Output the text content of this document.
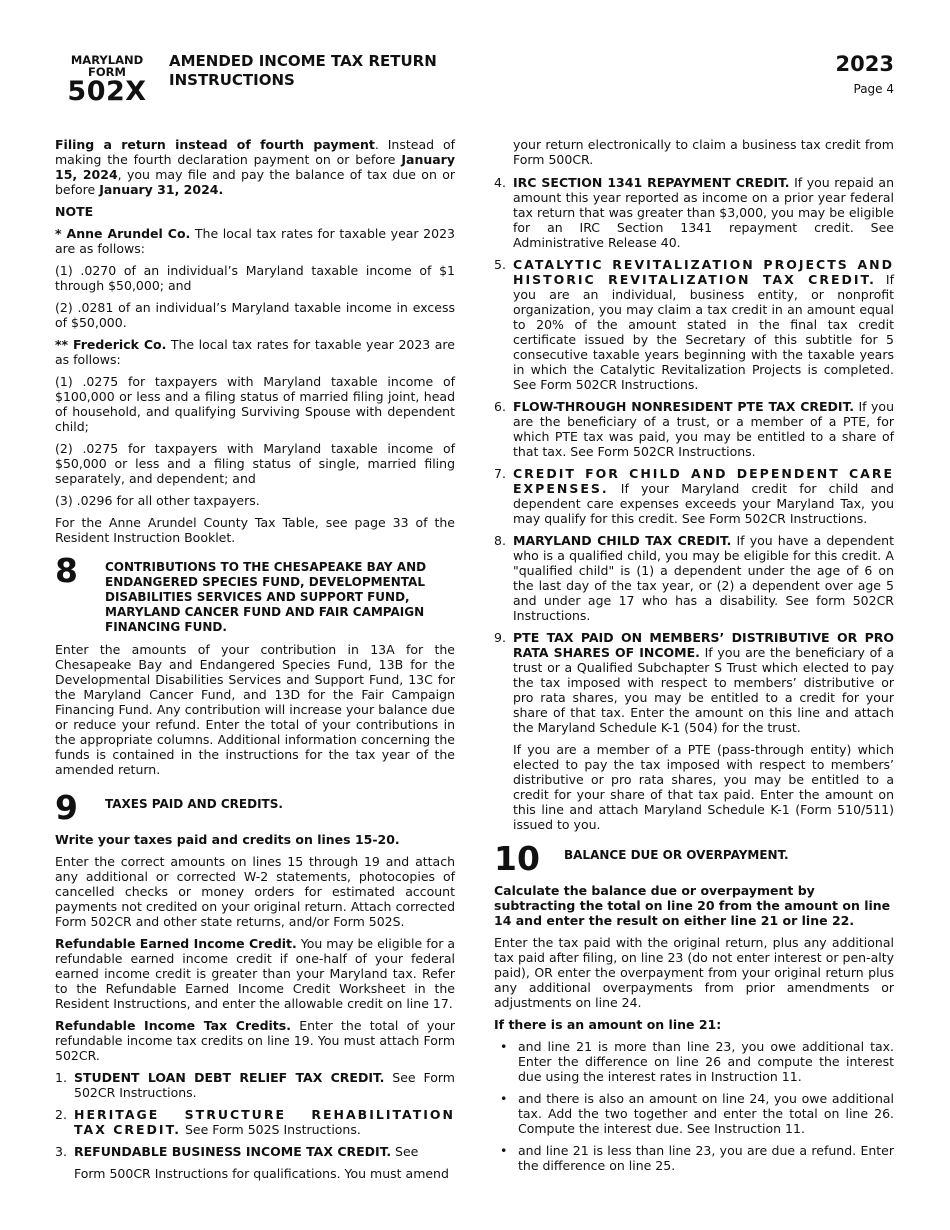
MARYLAND
FORM
502X
AMENDED INCOME TAX RETURN INSTRUCTIONS
2023
Page 4

Filing a return instead of fourth payment. Instead of making the fourth declaration payment on or before January 15, 2024, you may file and pay the balance of tax due on or before January 31, 2024.

NOTE

* Anne Arundel Co. The local tax rates for taxable year 2023 are as follows:

(1) .0270 of an individual’s Maryland taxable income of $1 through $50,000; and

(2) .0281 of an individual’s Maryland taxable income in excess of $50,000.

** Frederick Co. The local tax rates for taxable year 2023 are as follows:

(1) .0275 for taxpayers with Maryland taxable income of $100,000 or less and a filing status of married filing joint, head of household, and qualifying Surviving Spouse with dependent child;

(2) .0275 for taxpayers with Maryland taxable income of $50,000 or less and a filing status of single, married filing separately, and dependent; and

(3) .0296 for all other taxpayers.

For the Anne Arundel County Tax Table, see page 33 of the Resident Instruction Booklet.

8	CONTRIBUTIONS TO THE CHESAPEAKE BAY AND ENDANGERED SPECIES FUND, DEVELOPMENTAL DISABILITIES SERVICES AND SUPPORT FUND, MARYLAND CANCER FUND AND FAIR CAMPAIGN FINANCING FUND.

Enter the amounts of your contribution in 13A for the Chesapeake Bay and Endangered Species Fund, 13B for the Developmental Disabilities Services and Support Fund, 13C for the Maryland Cancer Fund, and 13D for the Fair Campaign Financing Fund. Any contribution will increase your balance due or reduce your refund. Enter the total of your contributions in the appropriate columns. Additional information concerning the funds is contained in the instructions for the tax year of the amended return.

9	TAXES PAID AND CREDITS.

Write your taxes paid and credits on lines 15-20.

Enter the correct amounts on lines 15 through 19 and attach any additional or corrected W-2 statements, photocopies of cancelled checks or money orders for estimated account payments not credited on your original return. Attach corrected Form 502CR and other state returns, and/or Form 502S.

Refundable Earned Income Credit. You may be eligible for a refundable earned income credit if one-half of your federal earned income credit is greater than your Maryland tax. Refer to the Refundable Earned Income Credit Worksheet in the Resident Instructions, and enter the allowable credit on line 17.

Refundable Income Tax Credits. Enter the total of your refundable income tax credits on line 19. You must attach Form 502CR.

1. STUDENT LOAN DEBT RELIEF TAX CREDIT. See Form 502CR Instructions.
2. HERITAGE STRUCTURE REHABILITATION TAX CREDIT. See Form 502S Instructions.
3. REFUNDABLE BUSINESS INCOME TAX CREDIT. See

Form 500CR Instructions for qualifications. You must amend

your return electronically to claim a business tax credit from Form 500CR.

4. IRC SECTION 1341 REPAYMENT CREDIT. If you repaid an amount this year reported as income on a prior year federal tax return that was greater than $3,000, you may be eligible for an IRC Section 1341 repayment credit. See Administrative Release 40.
5. CATALYTIC REVITALIZATION PROJECTS AND HISTORIC REVITALIZATION TAX CREDIT. If you are an individual, business entity, or nonprofit organization, you may claim a tax credit in an amount equal to 20% of the amount stated in the final tax credit certificate issued by the Secretary of this subtitle for 5 consecutive taxable years beginning with the taxable years in which the Catalytic Revitalization Projects is completed. See Form 502CR Instructions.
6. FLOW-THROUGH NONRESIDENT PTE TAX CREDIT. If you are the beneficiary of a trust, or a member of a PTE, for which PTE tax was paid, you may be entitled to a share of that tax. See Form 502CR Instructions.
7. CREDIT FOR CHILD AND DEPENDENT CARE EXPENSES. If your Maryland credit for child and dependent care expenses exceeds your Maryland Tax, you may qualify for this credit. See Form 502CR Instructions.
8. MARYLAND CHILD TAX CREDIT. If you have a dependent who is a qualified child, you may be eligible for this credit. A "qualified child" is (1) a dependent under the age of 6 on the last day of the tax year, or (2) a dependent over age 5 and under age 17 who has a disability. See form 502CR Instructions.
9. PTE TAX PAID ON MEMBERS’ DISTRIBUTIVE OR PRO RATA SHARES OF INCOME. If you are the beneficiary of a trust or a Qualified Subchapter S Trust which elected to pay the tax imposed with respect to members’ distributive or pro rata shares, you may be entitled to a credit for your share of that tax. Enter the amount on this line and attach the Maryland Schedule K-1 (504) for the trust.

If you are a member of a PTE (pass-through entity) which elected to pay the tax imposed with respect to members’ distributive or pro rata shares, you may be entitled to a credit for your share of that tax paid. Enter the amount on this line and attach Maryland Schedule K-1 (Form 510/511) issued to you.

10	BALANCE DUE OR OVERPAYMENT.

Calculate the balance due or overpayment by subtracting the total on line 20 from the amount on line 14 and enter the result on either line 21 or line 22.

Enter the tax paid with the original return, plus any additional tax paid after filing, on line 23 (do not enter interest or pen-alty paid), OR enter the overpayment from your original return plus any additional overpayments from prior amendments or adjustments on line 24.

If there is an amount on line 21:

• and line 21 is more than line 23, you owe additional tax. Enter the difference on line 26 and compute the interest due using the interest rates in Instruction 11.
• and there is also an amount on line 24, you owe additional tax. Add the two together and enter the total on line 26. Compute the interest due. See Instruction 11.
• and line 21 is less than line 23, you are due a refund. Enter the difference on line 25.
